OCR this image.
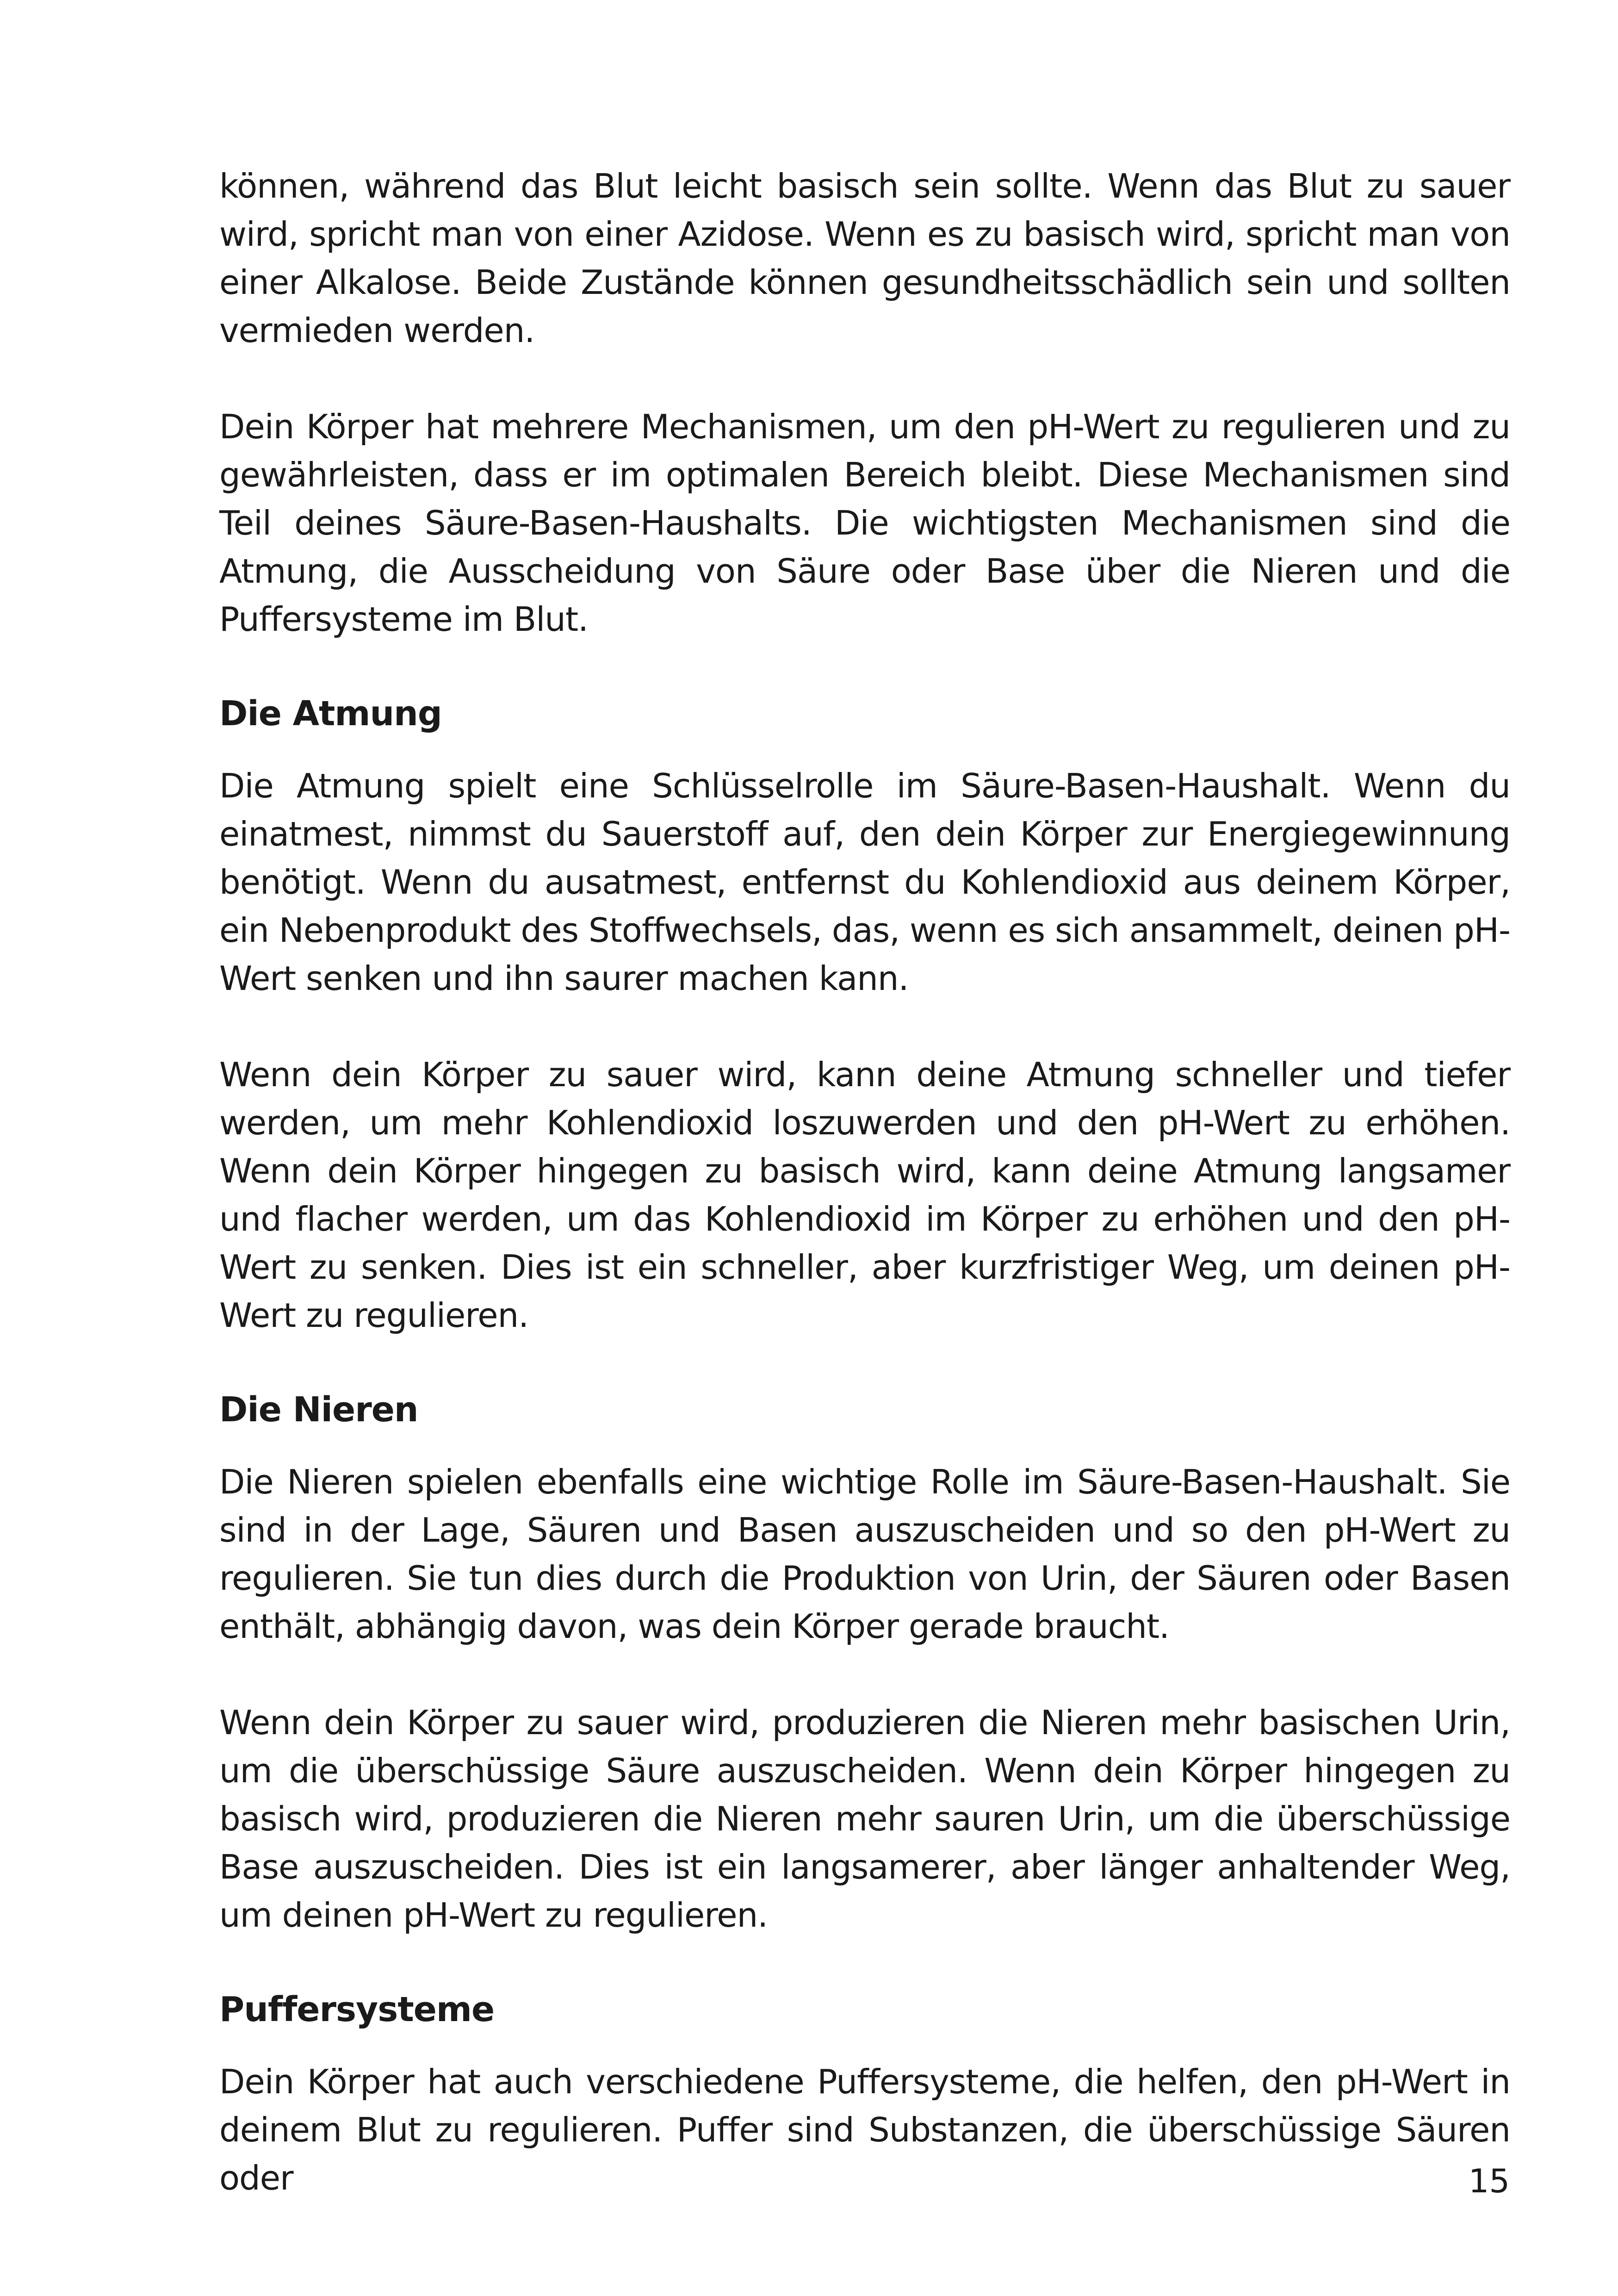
können, während das Blut leicht basisch sein sollte. Wenn das Blut zu sauer wird, spricht man von einer Azidose. Wenn es zu basisch wird, spricht man von einer Alkalose. Beide Zustände können gesundheitsschädlich sein und sollten vermieden werden.

Dein Körper hat mehrere Mechanismen, um den pH-Wert zu regulieren und zu gewährleisten, dass er im optimalen Bereich bleibt. Diese Mechanismen sind Teil deines Säure-Basen-Haushalts. Die wichtigsten Mechanismen sind die Atmung, die Ausscheidung von Säure oder Base über die Nieren und die Puffersysteme im Blut.

Die Atmung

Die Atmung spielt eine Schlüsselrolle im Säure-Basen-Haushalt. Wenn du einatmest, nimmst du Sauerstoff auf, den dein Körper zur Energiegewinnung benötigt. Wenn du ausatmest, entfernst du Kohlendioxid aus deinem Körper, ein Nebenprodukt des Stoffwechsels, das, wenn es sich ansammelt, deinen pH-Wert senken und ihn saurer machen kann.

Wenn dein Körper zu sauer wird, kann deine Atmung schneller und tiefer werden, um mehr Kohlendioxid loszuwerden und den pH-Wert zu erhöhen. Wenn dein Körper hingegen zu basisch wird, kann deine Atmung langsamer und flacher werden, um das Kohlendioxid im Körper zu erhöhen und den pH-Wert zu senken. Dies ist ein schneller, aber kurzfristiger Weg, um deinen pH-Wert zu regulieren.

Die Nieren

Die Nieren spielen ebenfalls eine wichtige Rolle im Säure-Basen-Haushalt. Sie sind in der Lage, Säuren und Basen auszuscheiden und so den pH-Wert zu regulieren. Sie tun dies durch die Produktion von Urin, der Säuren oder Basen enthält, abhängig davon, was dein Körper gerade braucht.

Wenn dein Körper zu sauer wird, produzieren die Nieren mehr basischen Urin, um die überschüssige Säure auszuscheiden. Wenn dein Körper hingegen zu basisch wird, produzieren die Nieren mehr sauren Urin, um die überschüssige Base auszuscheiden. Dies ist ein langsamerer, aber länger anhaltender Weg, um deinen pH-Wert zu regulieren.

Puffersysteme

Dein Körper hat auch verschiedene Puffersysteme, die helfen, den pH-Wert in deinem Blut zu regulieren. Puffer sind Substanzen, die überschüssige Säuren oder	15
